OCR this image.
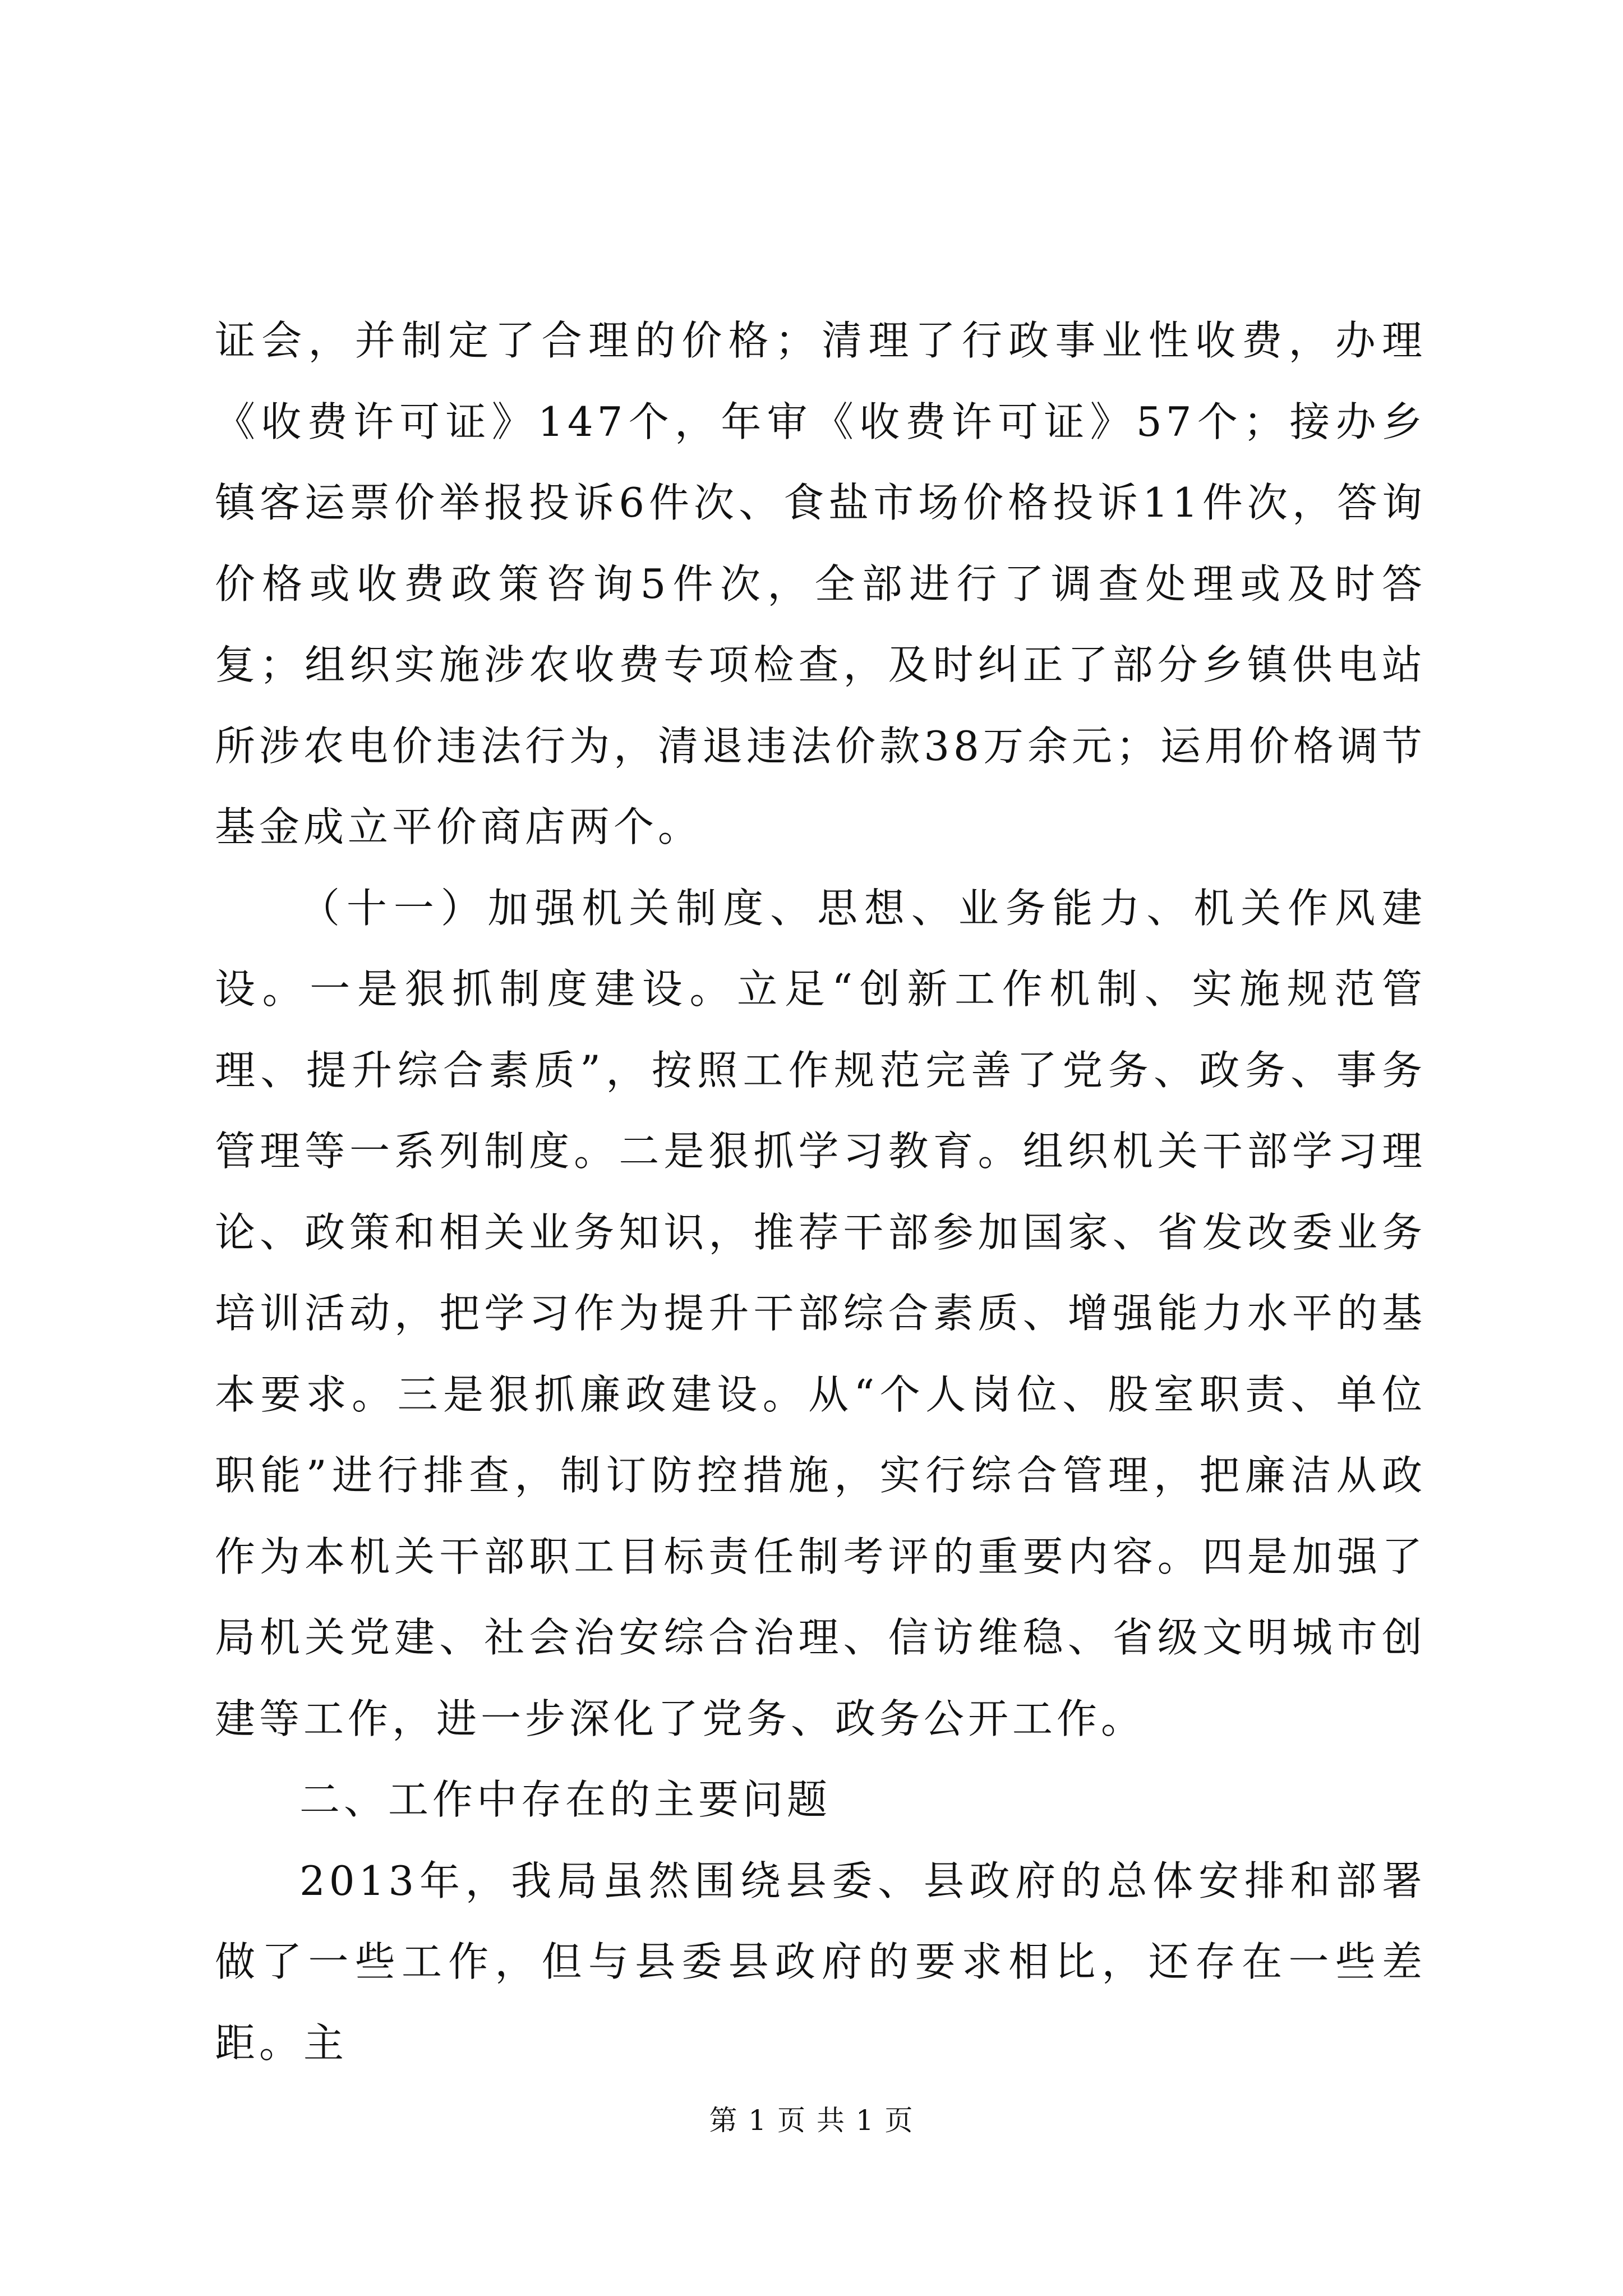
证会，并制定了合理的价格；清理了行政事业性收费，办理《收费许可证》147个，年审《收费许可证》57个；接办乡镇客运票价举报投诉6件次、食盐市场价格投诉11件次，答询价格或收费政策咨询5件次，全部进行了调查处理或及时答复；组织实施涉农收费专项检查，及时纠正了部分乡镇供电站所涉农电价违法行为，清退违法价款38万余元；运用价格调节基金成立平价商店两个。

（十一）加强机关制度、思想、业务能力、机关作风建设。一是狠抓制度建设。立足“创新工作机制、实施规范管理、提升综合素质”，按照工作规范完善了党务、政务、事务管理等一系列制度。二是狠抓学习教育。组织机关干部学习理论、政策和相关业务知识，推荐干部参加国家、省发改委业务培训活动，把学习作为提升干部综合素质、增强能力水平的基本要求。三是狠抓廉政建设。从“个人岗位、股室职责、单位职能”进行排查，制订防控措施，实行综合管理，把廉洁从政作为本机关干部职工目标责任制考评的重要内容。四是加强了局机关党建、社会治安综合治理、信访维稳、省级文明城市创建等工作，进一步深化了党务、政务公开工作。

二、工作中存在的主要问题

2013年，我局虽然围绕县委、县政府的总体安排和部署做了一些工作，但与县委县政府的要求相比，还存在一些差距。主

第 1 页 共 1 页
